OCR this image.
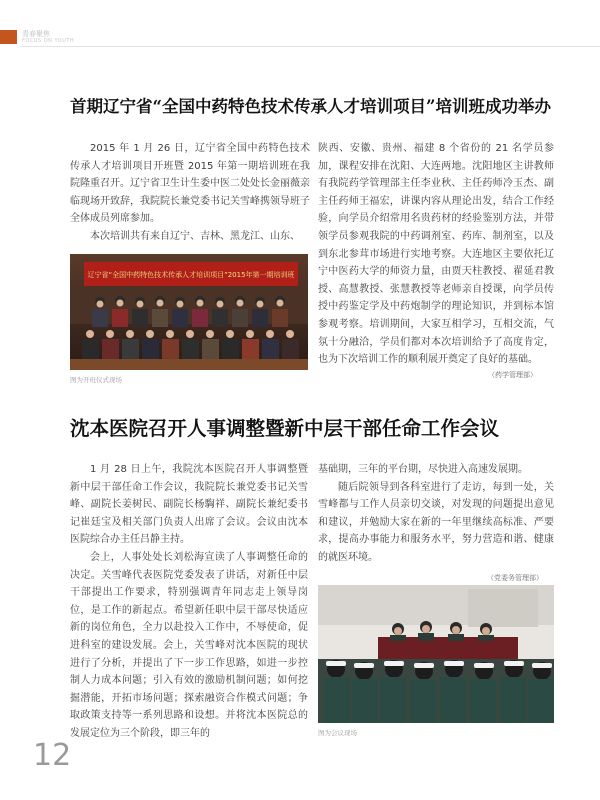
青春聚焦
FOCUS ON YOUTH
首期辽宁省“全国中药特色技术传承人才培训项目”培训班成功举办

2015 年 1 月 26 日，辽宁省全国中药特色技术传承人才培训项目开班暨 2015 年第一期培训班在我院隆重召开。辽宁省卫生计生委中医二处处长金丽薇亲临现场开致辞，我院院长兼党委书记关雪峰携领导班子全体成员列席参加。

本次培训共有来自辽宁、吉林、黑龙江、山东、

辽宁省“全国中药特色技术传承人才培训项目”2015年第一期培训班
图为开班仪式现场

陕西、安徽、贵州、福建 8 个省份的 21 名学员参加，课程安排在沈阳、大连两地。沈阳地区主讲教师有我院药学管理部主任李业秋、主任药师冷玉杰、副主任药师王福宏，讲课内容从理论出发，结合工作经验，向学员介绍常用名贵药材的经验鉴别方法，并带领学员参观我院的中药调剂室、药库、制剂室，以及到东北参茸市场进行实地考察。大连地区主要依托辽宁中医药大学的师资力量，由贾天柱教授、翟延君教授、高慧教授、张慧教授等老师亲自授课，向学员传授中药鉴定学及中药炮制学的理论知识，并到标本馆参观考察。培训期间，大家互相学习，互相交流，气氛十分融洽，学员们都对本次培训给予了高度肯定，也为下次培训工作的顺利展开奠定了良好的基础。

（药学管理部）
沈本医院召开人事调整暨新中层干部任命工作会议

1 月 28 日上午，我院沈本医院召开人事调整暨新中层干部任命工作会议，我院院长兼党委书记关雪峰、副院长姜树民、副院长杨騊祥、副院长兼纪委书记崔廷宝及相关部门负责人出席了会议。会议由沈本医院综合办主任吕静主持。

会上，人事处处长刘松海宣读了人事调整任命的决定。关雪峰代表医院党委发表了讲话，对新任中层干部提出工作要求，特别强调青年同志走上领导岗位，是工作的新起点。希望新任职中层干部尽快适应新的岗位角色，全力以赴投入工作中，不辱使命，促进科室的建设发展。会上，关雪峰对沈本医院的现状进行了分析，并提出了下一步工作思路，如进一步控制人力成本问题；引入有效的激励机制问题；如何挖掘潜能，开拓市场问题；探索融资合作模式问题；争取政策支持等一系列思路和设想。并将沈本医院总的发展定位为三个阶段，即三年的

基础期，三年的平台期，尽快进入高速发展期。

随后院领导到各科室进行了走访，每到一处，关雪峰都与工作人员亲切交谈，对发现的问题提出意见和建议，并勉励大家在新的一年里继续高标准、严要求，提高办事能力和服务水平，努力营造和谐、健康的就医环境。

（党委务管理部）
图为会议现场
12
